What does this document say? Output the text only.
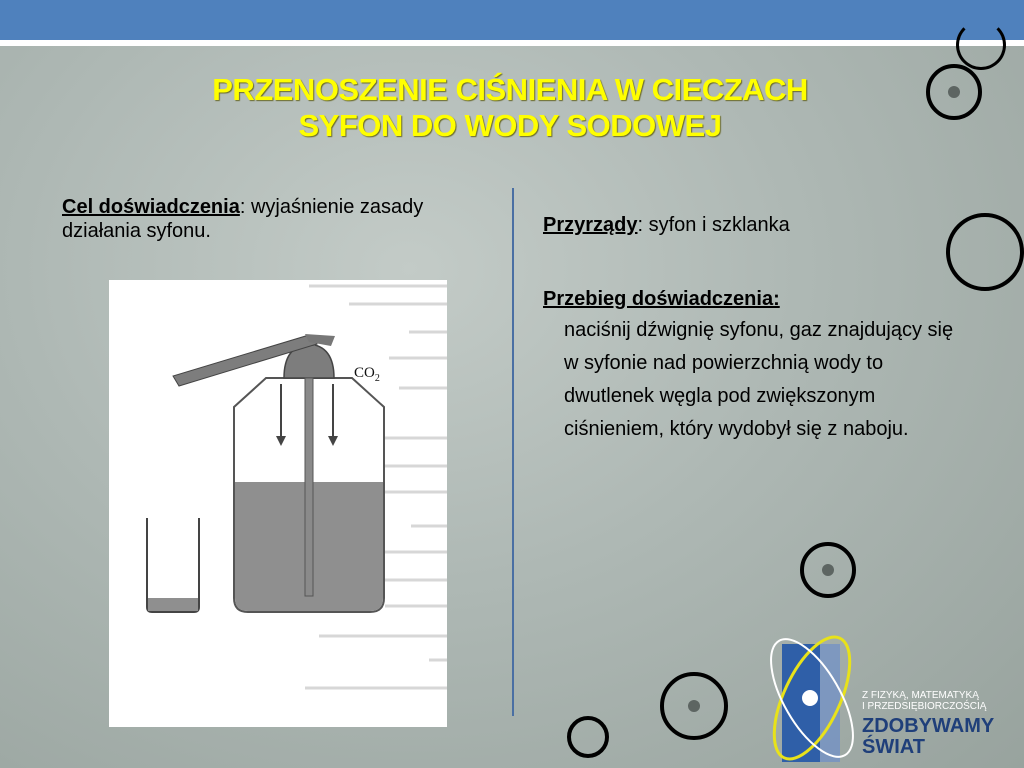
PRZENOSZENIE CIŚNIENIA W CIECZACH
SYFON DO WODY SODOWEJ
Cel doświadczenia: wyjaśnienie zasady działania syfonu.
$CO_2$

Przyrządy: syfon i szklanka

Przebieg doświadczenia:

naciśnij dźwignię syfonu, gaz znajdujący się w syfonie nad powierzchnią wody to dwutlenek węgla pod zwiększonym ciśnieniem, który wydobył się z naboju.

Z FIZYKĄ, MATEMATYKĄ
I PRZEDSIĘBIORCZOŚCIĄ
ZDOBYWAMY
ŚWIAT
